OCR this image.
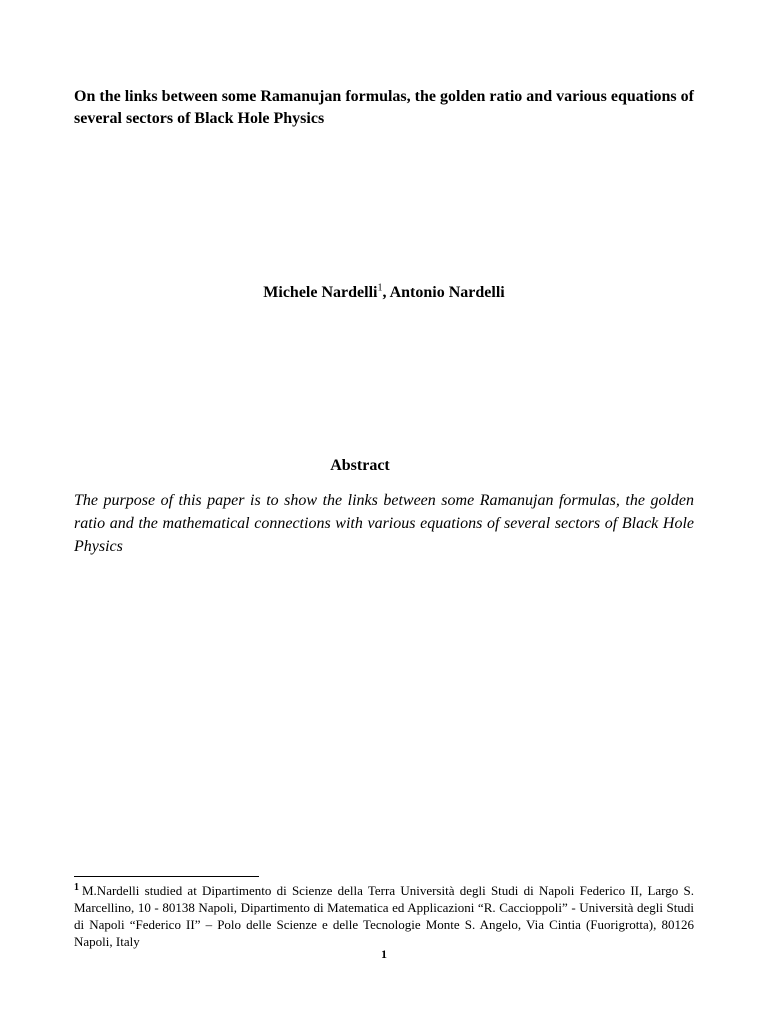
On the links between some Ramanujan formulas, the golden ratio and various equations of several sectors of Black Hole Physics
Michele Nardelli$^1$, Antonio Nardelli
Abstract
The purpose of this paper is to show the links between some Ramanujan formulas, the golden ratio and the mathematical connections with various equations of several sectors of Black Hole Physics
$^1$ M.Nardelli studied at Dipartimento di Scienze della Terra Università degli Studi di Napoli Federico II, Largo S. Marcellino, 10 - 80138 Napoli, Dipartimento di Matematica ed Applicazioni “R. Caccioppoli” - Università degli Studi di Napoli “Federico II” – Polo delle Scienze e delle Tecnologie Monte S. Angelo, Via Cintia (Fuorigrotta), 80126 Napoli, Italy
1
